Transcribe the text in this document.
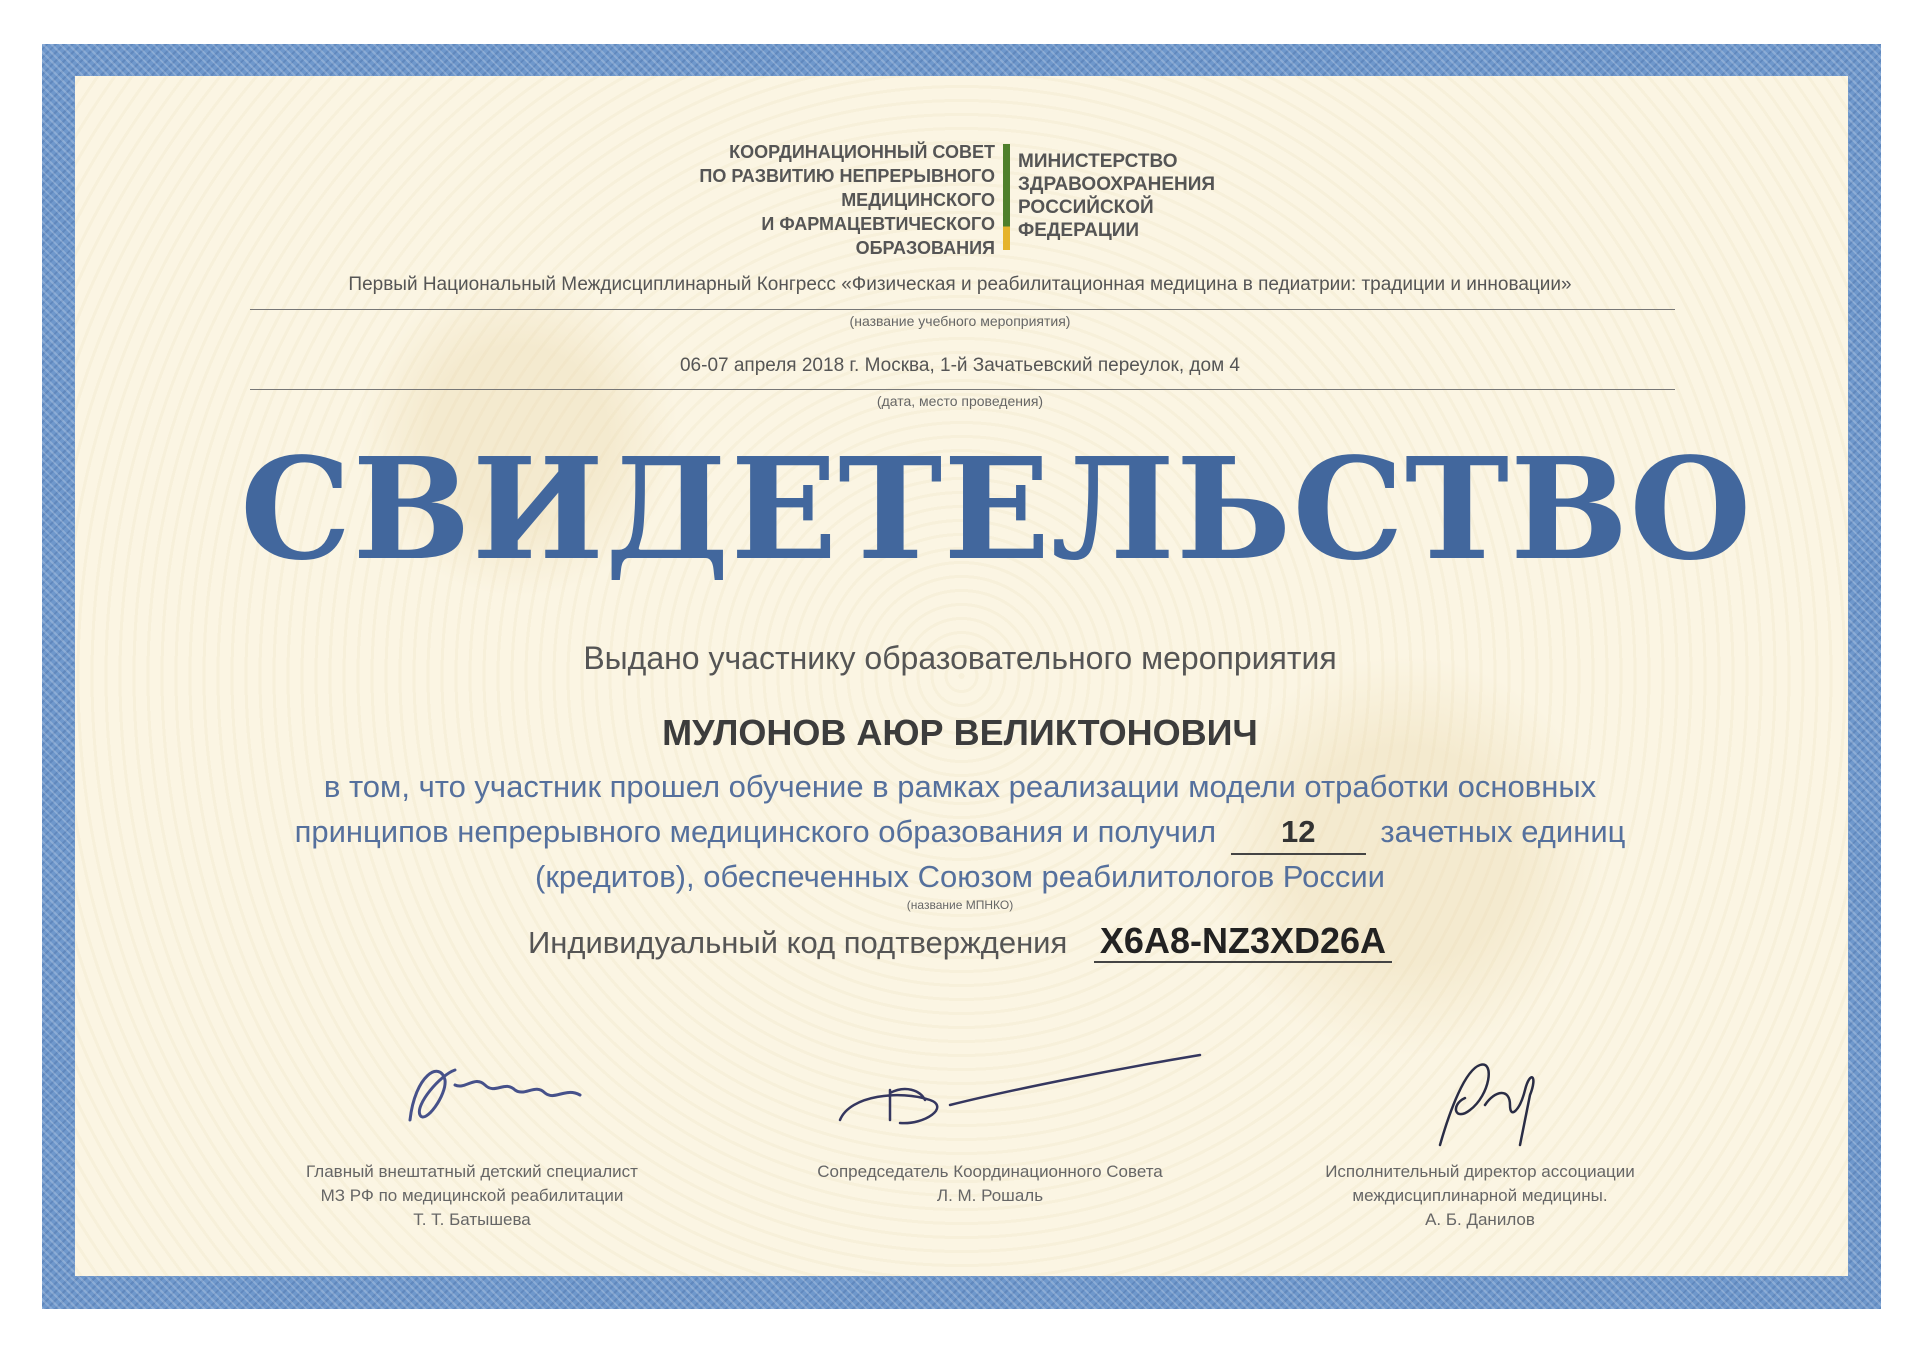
КООРДИНАЦИОННЫЙ СОВЕТ
ПО РАЗВИТИЮ НЕПРЕРЫВНОГО
МЕДИЦИНСКОГО
И ФАРМАЦЕВТИЧЕСКОГО
ОБРАЗОВАНИЯ
МИНИСТЕРСТВО
ЗДРАВООХРАНЕНИЯ
РОССИЙСКОЙ
ФЕДЕРАЦИИ
Первый Национальный Междисциплинарный Конгресс «Физическая и реабилитационная медицина в педиатрии: традиции и инновации»
(название учебного мероприятия)
06-07 апреля 2018 г. Москва, 1-й Зачатьевский переулок, дом 4
(дата, место проведения)
СВИДЕТЕЛЬСТВО
Выдано участнику образовательного мероприятия
МУЛОНОВ АЮР ВЕЛИКТОНОВИЧ
в том, что участник прошел обучение в рамках реализации модели отработки основных
принципов непрерывного медицинского образования и получил 12 зачетных единиц
(кредитов), обеспеченных Союзом реабилитологов России
(название МПНКО)
Индивидуальный код подтверждения X6A8-NZ3XD26A
Главный внештатный детский специалист
МЗ РФ по медицинской реабилитации
Т. Т. Батышева
Сопредседатель Координационного Совета
Л. М. Рошаль
Исполнительный директор ассоциации
междисциплинарной медицины.
А. Б. Данилов
